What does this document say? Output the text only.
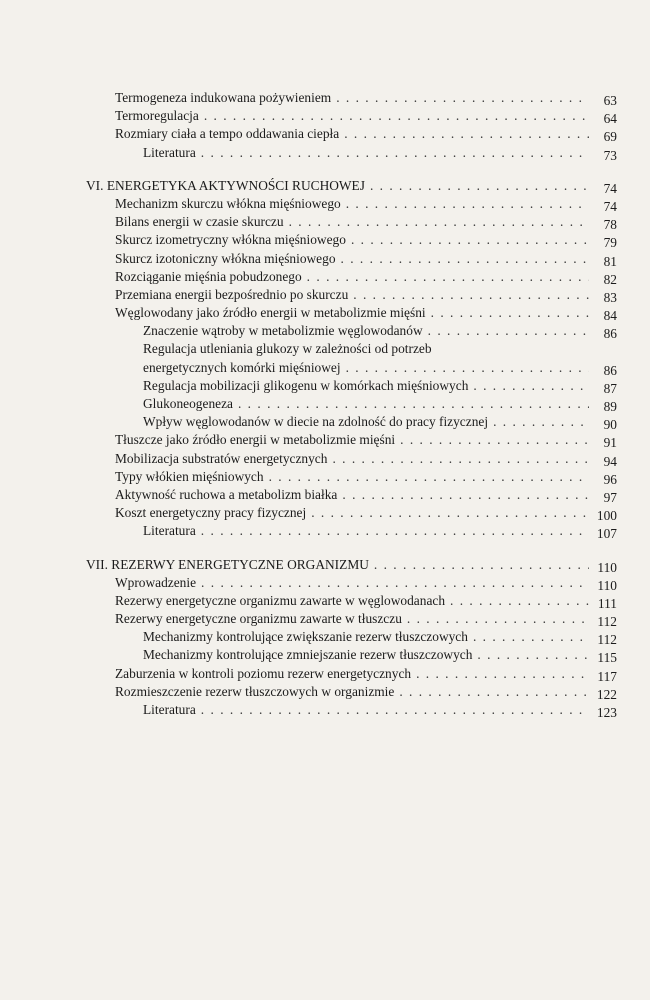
Termogeneza indukowana pożywieniem . . .	63
Termoregulacja . . .	64
Rozmiary ciała a tempo oddawania ciepła . . .	69
Literatura . . .	73
VI. ENERGETYKA AKTYWNOŚCI RUCHOWEJ . . .	74
Mechanizm skurczu włókna mięśniowego . . .	74
Bilans energii w czasie skurczu . . .	78
Skurcz izometryczny włókna mięśniowego . . .	79
Skurcz izotoniczny włókna mięśniowego . . .	81
Rozciąganie mięśnia pobudzonego . . .	82
Przemiana energii bezpośrednio po skurczu . . .	83
Węglowodany jako źródło energii w metabolizmie mięśni . . .	84
Znaczenie wątroby w metabolizmie węglowodanów . . .	86
Regulacja utleniania glukozy w zależności od potrzeb
energetycznych komórki mięśniowej . . .	86
Regulacja mobilizacji glikogenu w komórkach mięśniowych . . .	87
Glukoneogeneza . . .	89
Wpływ węglowodanów w diecie na zdolność do pracy fizycznej . . .	90
Tłuszcze jako źródło energii w metabolizmie mięśni . . .	91
Mobilizacja substratów energetycznych . . .	94
Typy włókien mięśniowych . . .	96
Aktywność ruchowa a metabolizm białka . . .	97
Koszt energetyczny pracy fizycznej . . .	100
Literatura . . .	107
VII. REZERWY ENERGETYCZNE ORGANIZMU . . .	110
Wprowadzenie . . .	110
Rezerwy energetyczne organizmu zawarte w węglowodanach . . .	111
Rezerwy energetyczne organizmu zawarte w tłuszczu . . .	112
Mechanizmy kontrolujące zwiększanie rezerw tłuszczowych . . .	112
Mechanizmy kontrolujące zmniejszanie rezerw tłuszczowych . . .	115
Zaburzenia w kontroli poziomu rezerw energetycznych . . .	117
Rozmieszczenie rezerw tłuszczowych w organizmie . . .	122
Literatura . . .	123
